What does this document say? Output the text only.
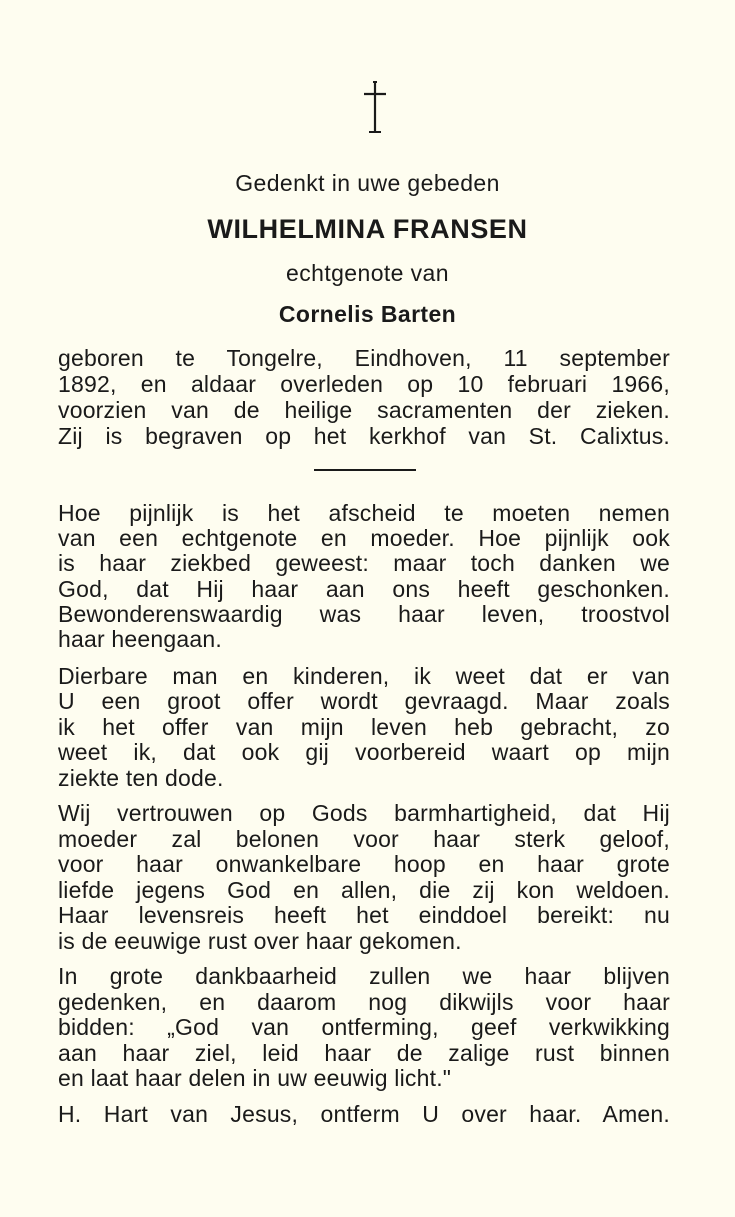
Gedenkt in uwe gebeden
WILHELMINA FRANSEN
echtgenote van
Cornelis Barten
geboren te Tongelre, Eindhoven, 11 september
1892, en aldaar overleden op 10 februari 1966,
voorzien van de heilige sacramenten der zieken.
Zij is begraven op het kerkhof van St. Calixtus.
Hoe pijnlijk is het afscheid te moeten nemen
van een echtgenote en moeder. Hoe pijnlijk ook
is haar ziekbed geweest: maar toch danken we
God, dat Hij haar aan ons heeft geschonken.
Bewonderenswaardig was haar leven, troostvol
haar heengaan.
Dierbare man en kinderen, ik weet dat er van
U een groot offer wordt gevraagd. Maar zoals
ik het offer van mijn leven heb gebracht, zo
weet ik, dat ook gij voorbereid waart op mijn
ziekte ten dode.
Wij vertrouwen op Gods barmhartigheid, dat Hij
moeder zal belonen voor haar sterk geloof,
voor haar onwankelbare hoop en haar grote
liefde jegens God en allen, die zij kon weldoen.
Haar levensreis heeft het einddoel bereikt: nu
is de eeuwige rust over haar gekomen.
In grote dankbaarheid zullen we haar blijven
gedenken, en daarom nog dikwijls voor haar
bidden: „God van ontferming, geef verkwikking
aan haar ziel, leid haar de zalige rust binnen
en laat haar delen in uw eeuwig licht."
H. Hart van Jesus, ontferm U over haar. Amen.
